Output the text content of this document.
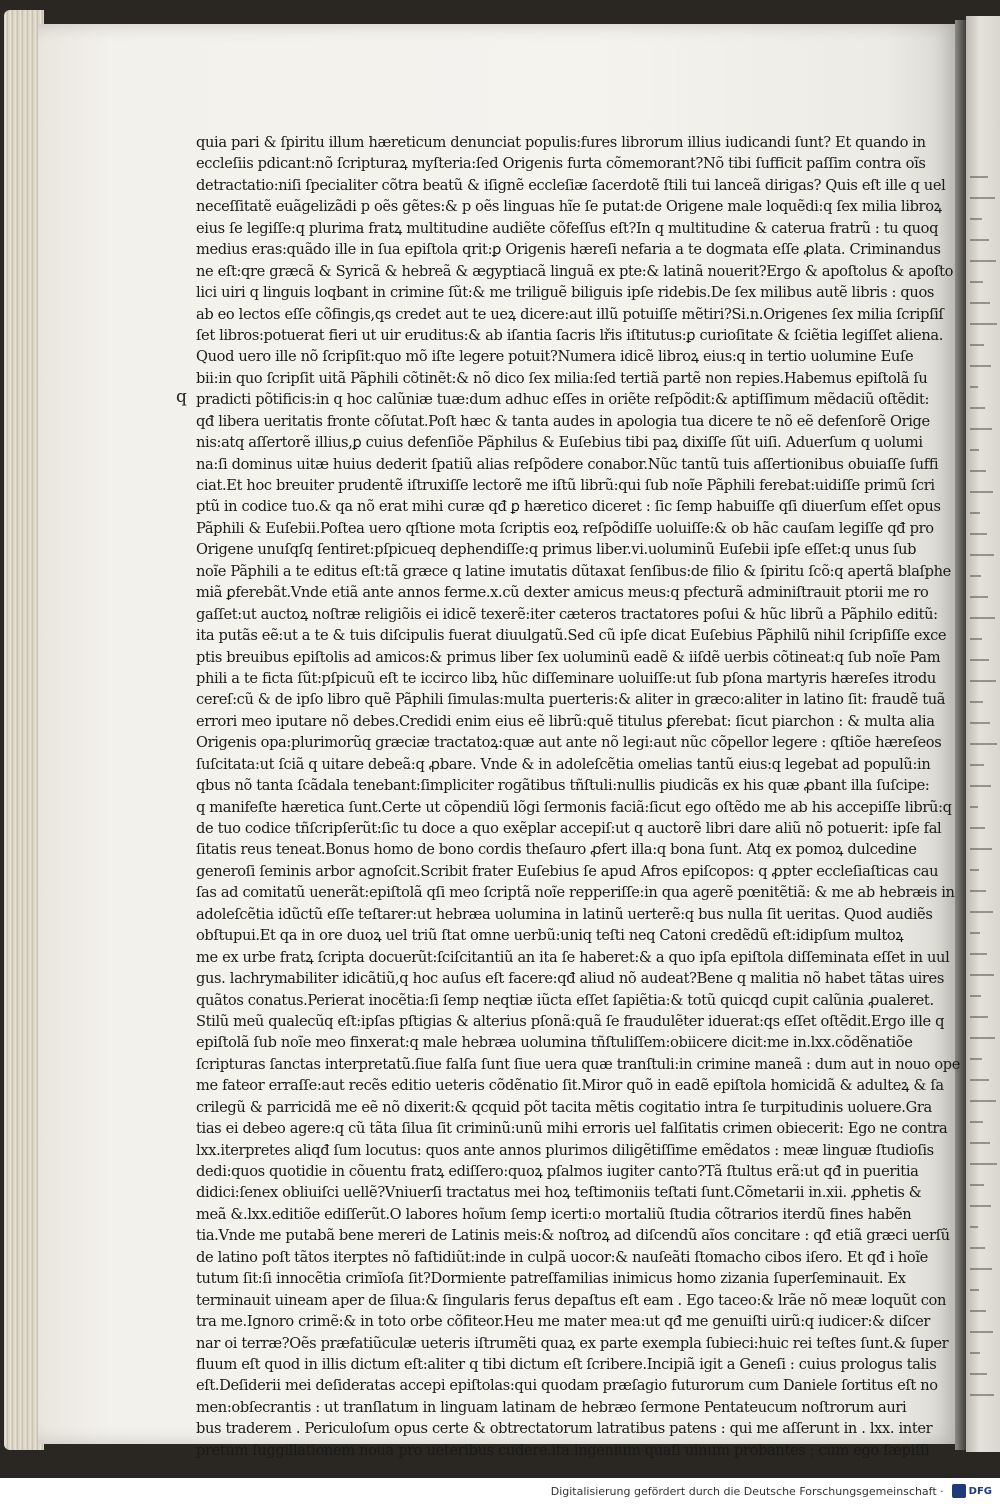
q
quia pari & ſpiritu illum hæreticum denunciat populis:fures librorum illius iudicandi ſunt? Et quando in
eccleſiis pdicant:nõ ſcripturaꝝ myſteria:ſed Origenis furta cõmemorant?Nõ tibi ſufficit paſſim contra oĩs
detractatio:niſi ſpecialiter cõtra beatũ & iſignẽ eccleſiæ ſacerdotẽ ſtili tui lanceã dirigas? Quis eſt ille q uel
neceſſitatẽ euãgelizãdi p oẽs gẽtes:& p oẽs linguas hĩe ſe putat:de Origene male loquẽdi:q ſex milia libroꝝ
eius ſe legiſſe:q plurima fratꝝ multitudine audiẽte cõfeſſus eſt?In q multitudine & caterua fratrũ : tu quoq
medius eras:quãdo ille in ſua epiſtola qrit:ꝑ Origenis hæreſi nefaria a te dogmata eſſe ꝓlata. Criminandus
ne eſt:qre græcã & Syricã & hebreã & ægyptiacã linguã ex pte:& latinã nouerit?Ergo & apoſtolus & apoſto
lici uiri q linguis loqbant in crimine ſũt:& me triliguẽ biliguis ipſe ridebis.De ſex milibus autẽ libris : quos
ab eo lectos eſſe cõfingis,qs credet aut te ueꝝ dicere:aut illũ potuiſſe mẽtiri?Si.n.Origenes ſex milia ſcripſiſ
ſet libros:potuerat fieri ut uir eruditus:& ab iſantia ſacris lřis iſtitutus:ꝑ curioſitate & ſciẽtia legiſſet aliena.
Quod uero ille nõ ſcripſit:quo mõ iſte legere potuit?Numera idicẽ libroꝝ eius:q in tertio uolumine Euſe
bii:in quo ſcripſit uitã Pãphili cõtinẽt:& nõ dico ſex milia:ſed tertiã partẽ non repies.Habemus epiſtolã ſu
pradicti põtificis:in q hoc calũniæ tuæ:dum adhuc eſſes in oriẽte reſpõdit:& aptiſſimum mẽdaciũ oſtẽdit:
qđ libera ueritatis fronte cõſutat.Poſt hæc & tanta audes in apologia tua dicere te nõ eẽ defenſorẽ Orige
nis:atq aſſertorẽ illius,ꝑ cuius defenſiõe Pãphilus & Euſebius tibi paꝝ dixiſſe ſũt uiſi. Aduerſum q uolumi
na:ſi dominus uitæ huius dederit ſpatiũ alias reſpõdere conabor.Nũc tantũ tuis aſſertionibus obuiaſſe ſuffi
ciat.Et hoc breuiter prudentẽ iſtruxiſſe lectorẽ me iſtũ librũ:qui ſub noĩe Pãphili ferebat:uidiſſe primũ ſcri
ptũ in codice tuo.& qa nõ erat mihi curæ qđ ꝑ hæretico diceret : ſic ſemp habuiſſe qſi diuerſum eſſet opus
Pãphili & Euſebii.Poſtea uero qſtione mota ſcriptis eoꝝ reſpõdiſſe uoluiſſe:& ob hãc cauſam legiſſe qđ pro
Origene unuſqſq ſentiret:pſpicueq dephendiſſe:q primus liber.vi.uoluminũ Euſebii ipſe eſſet:q unus ſub
noĩe Pãphili a te editus eſt:tã græce q latine imutatis dũtaxat ſenſibus:de filio & ſpiritu ſcõ:q apertã blaſphe
miã ꝑferebãt.Vnde etiã ante annos ferme.x.cũ dexter amicus meus:q pfecturã adminiſtrauit ptorii me ro
gaſſet:ut auctoꝝ noſtræ religiõis ei idicẽ texerẽ:iter cæteros tractatores poſui & hũc librũ a Pãphilo editũ:
ita putãs eẽ:ut a te & tuis diſcipulis fuerat diuulgatũ.Sed cũ ipſe dicat Euſebius Pãphilũ nihil ſcripſiſſe exce
ptis breuibus epiſtolis ad amicos:& primus liber ſex uoluminũ eadẽ & iiſdẽ uerbis cõtineat:q ſub noĩe Pam
phili a te ficta ſũt:pſpicuũ eſt te iccirco libꝝ hũc diſſeminare uoluiſſe:ut ſub pſona martyris hæreſes itrodu
cereſ:cũ & de ipſo libro quẽ Pãphili ſimulas:multa puerteris:& aliter in græco:aliter in latino ſit: fraudẽ tuã
errori meo iputare nõ debes.Credidi enim eius eẽ librũ:quẽ titulus ꝑferebat: ſicut piarchon : & multa alia
Origenis opa:plurimorũq græciæ tractatoꝝ:quæ aut ante nõ legi:aut nũc cõpellor legere : qſtiõe hæreſeos
ſuſcitata:ut ſciã q uitare debeã:q ꝓbare. Vnde & in adoleſcẽtia omelias tantũ eius:q legebat ad populũ:in
qbus nõ tanta ſcãdala tenebant:ſimpliciter rogãtibus tñſtuli:nullis piudicãs ex his quæ ꝓbant illa ſuſcipe:
q manifeſte hæretica ſunt.Certe ut cõpendiũ lõgi ſermonis faciã:ſicut ego oſtẽdo me ab his accepiſſe librũ:q
de tuo codice tñſcripſerũt:ſic tu doce a quo exẽplar accepiſ:ut q auctorẽ libri dare aliũ nõ potuerit: ipſe fal
ſitatis reus teneat.Bonus homo de bono cordis theſauro ꝓfert illa:q bona ſunt. Atq ex pomoꝝ dulcedine
generoſi ſeminis arbor agnoſcit.Scribit frater Euſebius ſe apud Afros epiſcopos: q ꝓpter eccleſiaſticas cau
ſas ad comitatũ uenerãt:epiſtolã qſi meo ſcriptã noĩe repperiſſe:in qua agerẽ pœnitẽtiã: & me ab hebræis in
adoleſcẽtia idũctũ eſſe teſtarer:ut hebræa uolumina in latinũ uerterẽ:q bus nulla ſit ueritas. Quod audiẽs
obſtupui.Et qa in ore duoꝝ uel triũ ſtat omne uerbũ:uniq teſti neq Catoni credẽdũ eſt:idipſum multoꝝ
me ex urbe fratꝝ ſcripta docuerũt:ſciſcitantiũ an ita ſe haberet:& a quo ipſa epiſtola diſſeminata eſſet in uul
gus. lachrymabiliter idicãtiũ,q hoc auſus eſt facere:qđ aliud nõ audeat?Bene q malitia nõ habet tãtas uires
quãtos conatus.Perierat inocẽtia:ſi ſemp neqtiæ iũcta eſſet ſapiẽtia:& totũ quicqd cupit calũnia ꝓualeret.
Stilũ meũ qualecũq eſt:ipſas pſtigias & alterius pſonã:quã ſe fraudulẽter iduerat:qs eſſet oſtẽdit.Ergo ille q
epiſtolã ſub noĩe meo finxerat:q male hebræa uolumina tñſtuliſſem:obiicere dicit:me in.lxx.cõdẽnatiõe
ſcripturas ſanctas interpretatũ.ſiue falſa ſunt ſiue uera quæ tranſtuli:in crimine maneã : dum aut in nouo ope
me fateor erraſſe:aut recẽs editio ueteris cõdẽnatio ſit.Miror quõ in eadẽ epiſtola homicidã & adulteꝝ & ſa
crilegũ & parricidã me eẽ nõ dixerit:& qcquid põt tacita mẽtis cogitatio intra ſe turpitudinis uoluere.Gra
tias ei debeo agere:q cũ tãta ſilua ſit criminũ:unũ mihi erroris uel falſitatis crimen obiecerit: Ego ne contra
lxx.iterpretes aliqđ ſum locutus: quos ante annos plurimos diligẽtiſſime emẽdatos : meæ linguæ ſtudioſis
dedi:quos quotidie in cõuentu fratꝝ ediſſero:quoꝝ pſalmos iugiter canto?Tã ſtultus erã:ut qđ in pueritia
didici:ſenex obliuiſci uellẽ?Vniuerſi tractatus mei hoꝝ teſtimoniis teſtati ſunt.Cõmetarii in.xii. ꝓphetis &
meã &.lxx.editiõe ediſſerũt.O labores hoĩum ſemp icerti:o mortaliũ ſtudia cõtrarios iterdũ fines habẽn
tia.Vnde me putabã bene mereri de Latinis meis:& noſtroꝝ ad diſcendũ aĩos concitare : qđ etiã græci uerſũ
de latino poſt tãtos iterptes nõ faſtidiũt:inde in culpã uocor:& nauſeãti ſtomacho cibos iſero. Et qđ i hoĩe
tutum ſit:ſi innocẽtia crimĩoſa ſit?Dormiente patreſfamilias inimicus homo zizania ſuperſeminauit. Ex
terminauit uineam aper de ſilua:& ſingularis ferus depaſtus eſt eam . Ego taceo:& lrãe nõ meæ loquũt con
tra me.Ignoro crimẽ:& in toto orbe cõfiteor.Heu me mater mea:ut qđ me genuiſti uirũ:q iudicer:& diſcer
nar oi terræ?Oẽs præfatiũculæ ueteris iſtrumẽti quaꝝ ex parte exempla ſubieci:huic rei teſtes ſunt.& ſuper
fluum eſt quod in illis dictum eſt:aliter q tibi dictum eſt ſcribere.Incipiã igit a Geneſi : cuius prologus talis
eſt.Deſiderii mei deſideratas accepi epiſtolas:qui quodam præſagio futurorum cum Daniele ſortitus eſt no
men:obſecrantis : ut tranſlatum in linguam latinam de hebræo ſermone Pentateucum noſtrorum auri
bus traderem . Periculoſum opus certe & obtrectatorum latratibus patens : qui me aſſerunt in . lxx. inter
pretum ſuggillationem noua pro ueteribus cudere.ita ingenium quaſi uinum probantes ; cum ego ſæpiſſi
Digitalisierung gefördert durch die Deutsche Forschungsgemeinschaft ·	DFG
